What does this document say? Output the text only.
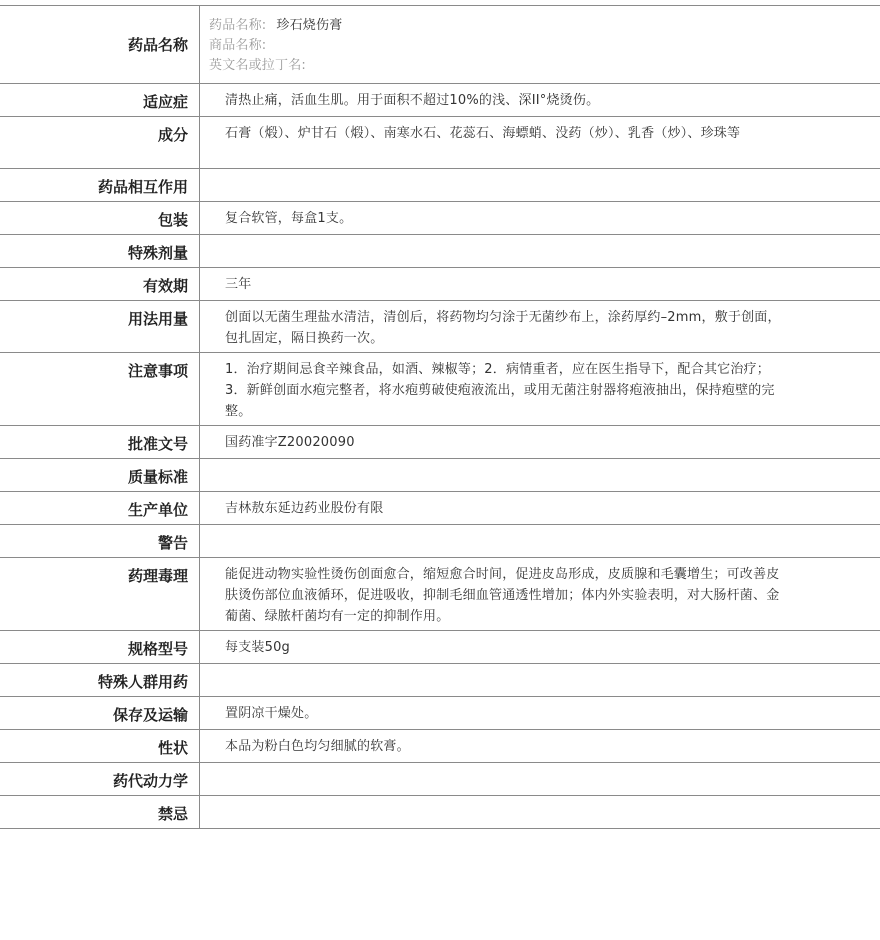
药品名称
药品名称: 珍石烧伤膏
商品名称:
英文名或拉丁名:
适应症	清热止痛，活血生肌。用于面积不超过10%的浅、深II°烧烫伤。
成分	石膏（煅）、炉甘石（煅）、南寒水石、花蕊石、海螵蛸、没药（炒）、乳香（炒）、珍珠等
药品相互作用
包装	复合软管，每盒1支。
特殊剂量
有效期	三年
用法用量	创面以无菌生理盐水清洁，清创后，将药物均匀涂于无菌纱布上，涂药厚约–2mm，敷于创面，包扎固定，隔日换药一次。
注意事项	1．治疗期间忌食辛辣食品，如酒、辣椒等；2．病情重者，应在医生指导下，配合其它治疗；3．新鲜创面水疱完整者，将水疱剪破使疱液流出，或用无菌注射器将疱液抽出，保持疱壁的完整。
批准文号	国药准字Z20020090
质量标准
生产单位	吉林敖东延边药业股份有限
警告
药理毒理	能促进动物实验性烫伤创面愈合，缩短愈合时间，促进皮岛形成，皮质腺和毛囊增生；可改善皮肤烫伤部位血液循环，促进吸收，抑制毛细血管通透性增加；体内外实验表明，对大肠杆菌、金葡菌、绿脓杆菌均有一定的抑制作用。
规格型号	每支装50g
特殊人群用药
保存及运输	置阴凉干燥处。
性状	本品为粉白色均匀细腻的软膏。
药代动力学
禁忌
